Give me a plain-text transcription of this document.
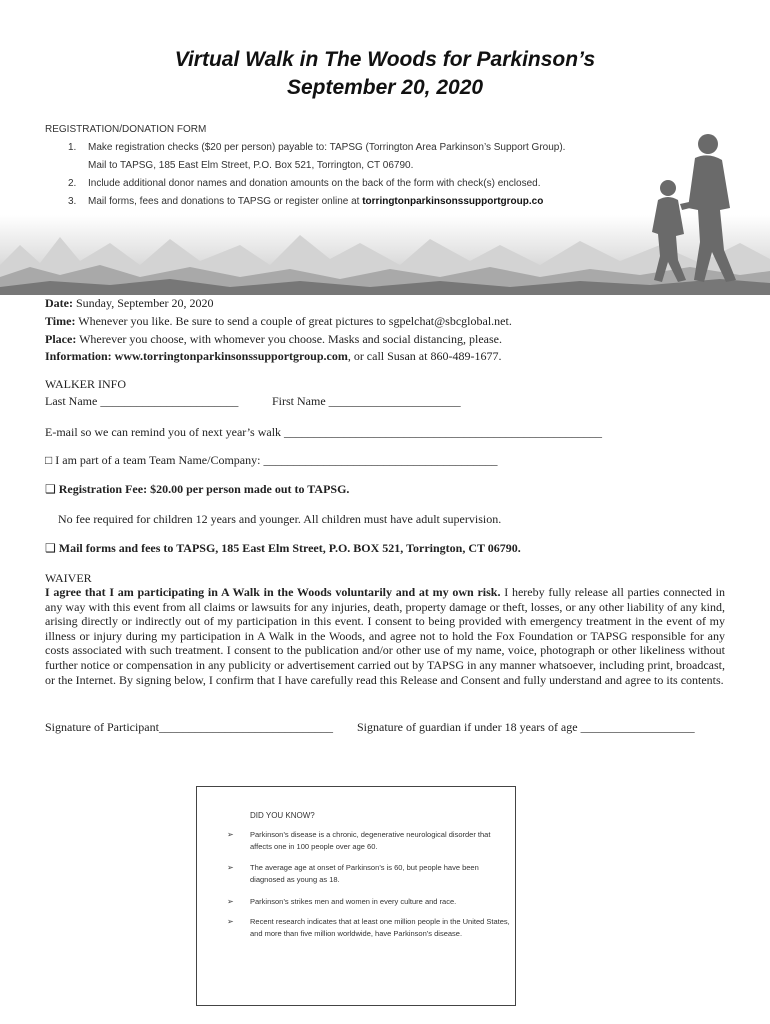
Virtual Walk in The Woods for Parkinson’s
September 20, 2020
REGISTRATION/DONATION FORM
1. Make registration checks ($20 per person) payable to: TAPSG (Torrington Area Parkinson’s Support Group).
Mail to TAPSG, 185 East Elm Street, P.O. Box 521, Torrington, CT 06790.
2. Include additional donor names and donation amounts on the back of the form with check(s) enclosed.
3. Mail forms, fees and donations to TAPSG or register online at torringtonparkinsonssupportgroup.co
Date: Sunday, September 20, 2020
Time: Whenever you like. Be sure to send a couple of great pictures to sgpelchat@sbcglobal.net.
Place: Wherever you choose, with whomever you choose. Masks and social distancing, please.
Information: www.torringtonparkinsonssupportgroup.com, or call Susan at 860-489-1677.
WALKER INFO
Last Name _______________________	First Name ______________________
E-mail so we can remind you of next year’s walk _____________________________________________________
□ I am part of a team Team Name/Company: _______________________________________
❑ Registration Fee: $20.00 per person made out to TAPSG.
No fee required for children 12 years and younger. All children must have adult supervision.
❑ Mail forms and fees to TAPSG, 185 East Elm Street, P.O. BOX 521, Torrington, CT 06790.
WAIVER
I agree that I am participating in A Walk in the Woods voluntarily and at my own risk. I hereby fully release all parties connected in any way with this event from all claims or lawsuits for any injuries, death, property damage or theft, losses, or any other liability of any kind, arising directly or indirectly out of my participation in this event. I consent to being provided with emergency treatment in the event of my illness or injury during my participation in A Walk in the Woods, and agree not to hold the Fox Foundation or TAPSG responsible for any costs associated with such treatment. I consent to the publication and/or other use of my name, voice, photograph or other likeliness without further notice or compensation in any publicity or advertisement carried out by TAPSG in any manner whatsoever, including print, broadcast, or the Internet. By signing below, I confirm that I have carefully read this Release and Consent and fully understand and agree to its contents.
Signature of Participant_____________________________ Signature of guardian if under 18 years of age ___________________
DID YOU KNOW?
➢ Parkinson’s disease is a chronic, degenerative neurological disorder that affects one in 100 people over age 60.
➢ The average age at onset of Parkinson’s is 60, but people have been diagnosed as young as 18.
➢ Parkinson’s strikes men and women in every culture and race.
➢ Recent research indicates that at least one million people in the United States, and more than five million worldwide, have Parkinson’s disease.
